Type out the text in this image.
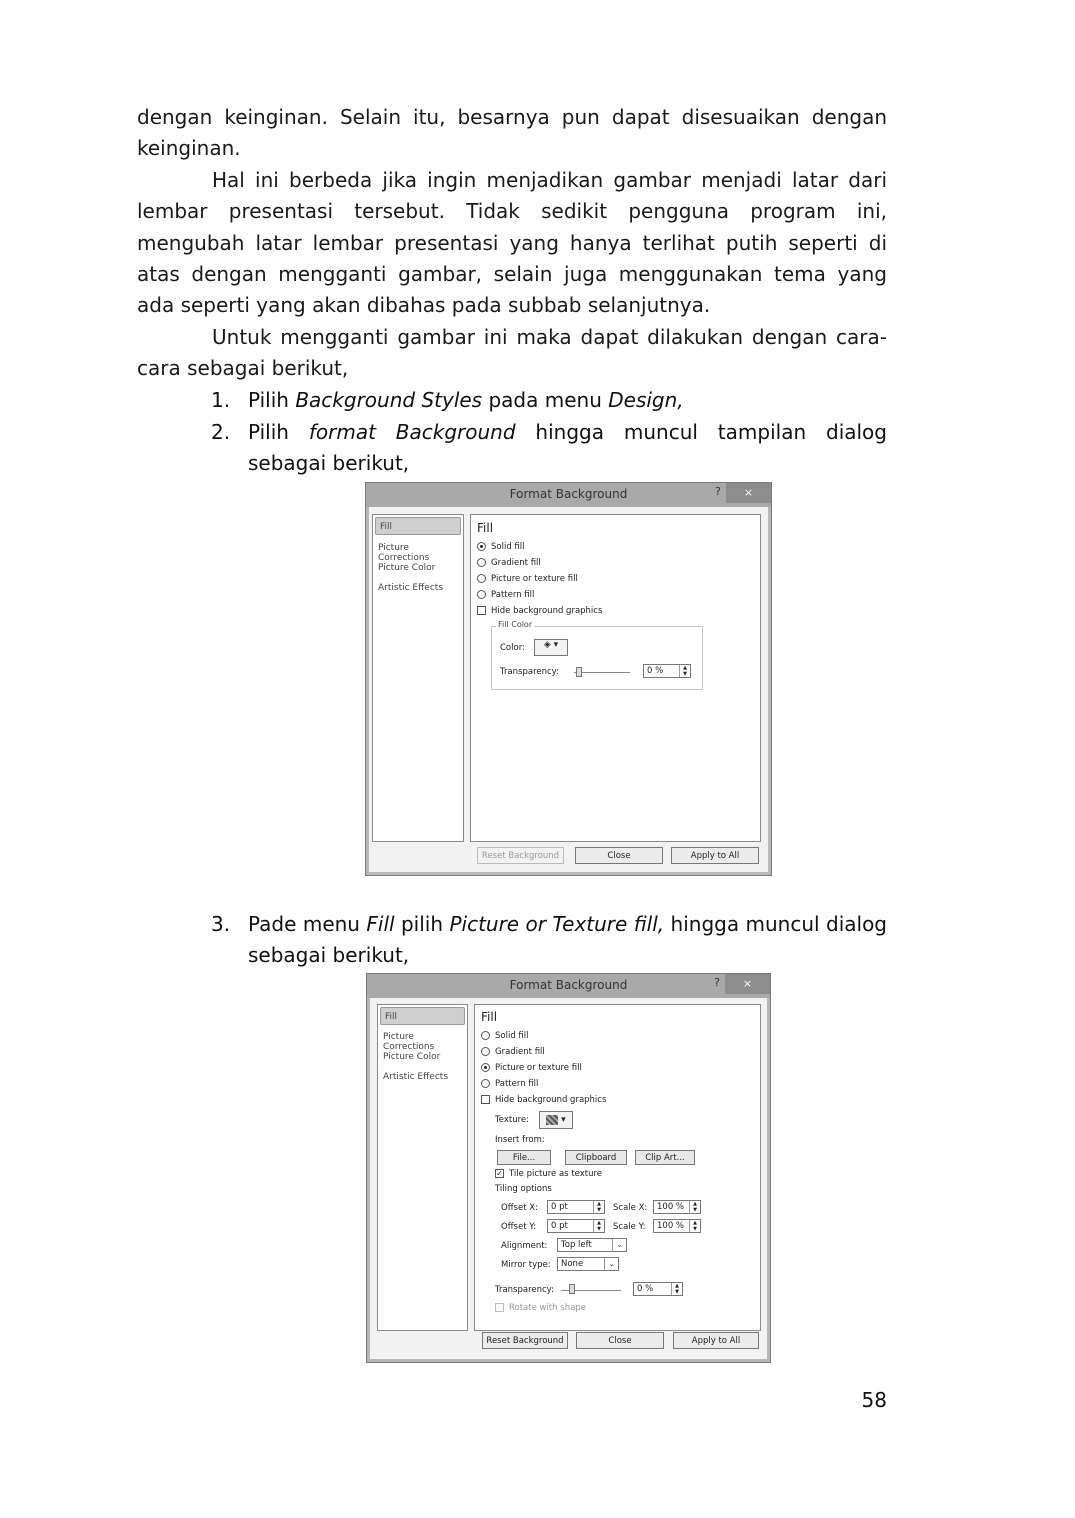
dengan keinginan. Selain itu, besarnya pun dapat disesuaikan dengan keinginan.
Hal ini berbeda jika ingin menjadikan gambar menjadi latar dari lembar presentasi tersebut. Tidak sedikit pengguna program ini, mengubah latar lembar presentasi yang hanya terlihat putih seperti di atas dengan mengganti gambar, selain juga menggunakan tema yang ada seperti yang akan dibahas pada subbab selanjutnya.
Untuk mengganti gambar ini maka dapat dilakukan dengan cara-cara sebagai berikut,
1. Pilih Background Styles pada menu Design,
2. Pilih format Background hingga muncul tampilan dialog sebagai berikut,
Format Background	?	×
Fill
Picture Corrections
Picture Color
Artistic Effects
Fill
Solid fill
Gradient fill
Picture or texture fill
Pattern fill
Hide background graphics
Fill Color
Color:	◈ ▾
Transparency:	0 %	▲
▼
Reset Background	Close	Apply to All
3. Pade menu Fill pilih Picture or Texture fill, hingga muncul dialog sebagai berikut,
Format Background	?	×
Fill
Picture Corrections
Picture Color
Artistic Effects
Fill
Solid fill
Gradient fill
Picture or texture fill
Pattern fill
Hide background graphics
Texture:	▾
Insert from:
File...	Clipboard	Clip Art...
✓ Tile picture as texture
Tiling options
Offset X:	0 pt	▲
▼	Scale X:	100 %	▲
▼
Offset Y:	0 pt	▲
▼	Scale Y:	100 %	▲
▼
Alignment:	Top left	⌄
Mirror type:	None	⌄
Transparency:	0 %	▲
▼
Rotate with shape
Reset Background	Close	Apply to All
58
